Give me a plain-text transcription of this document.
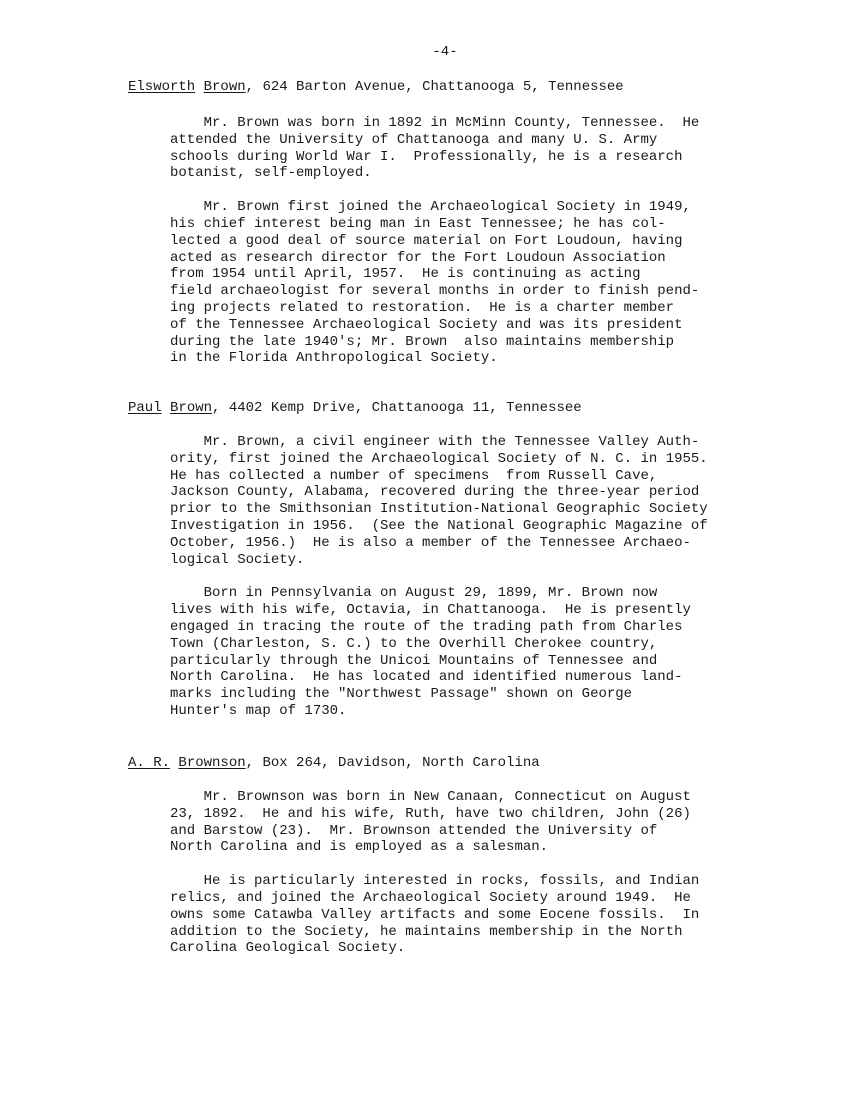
-4-
Elsworth Brown, 624 Barton Avenue, Chattanooga 5, Tennessee
Mr. Brown was born in 1892 in McMinn County, Tennessee.  He
attended the University of Chattanooga and many U. S. Army
schools during World War I.  Professionally, he is a research
botanist, self-employed.
Mr. Brown first joined the Archaeological Society in 1949,
his chief interest being man in East Tennessee; he has col-
lected a good deal of source material on Fort Loudoun, having
acted as research director for the Fort Loudoun Association
from 1954 until April, 1957.  He is continuing as acting
field archaeologist for several months in order to finish pend-
ing projects related to restoration.  He is a charter member
of the Tennessee Archaeological Society and was its president
during the late 1940's; Mr. Brown  also maintains membership
in the Florida Anthropological Society.
Paul Brown, 4402 Kemp Drive, Chattanooga 11, Tennessee
Mr. Brown, a civil engineer with the Tennessee Valley Auth-
ority, first joined the Archaeological Society of N. C. in 1955.
He has collected a number of specimens  from Russell Cave,
Jackson County, Alabama, recovered during the three-year period
prior to the Smithsonian Institution-National Geographic Society
Investigation in 1956.  (See the National Geographic Magazine of
October, 1956.)  He is also a member of the Tennessee Archaeo-
logical Society.
Born in Pennsylvania on August 29, 1899, Mr. Brown now
lives with his wife, Octavia, in Chattanooga.  He is presently
engaged in tracing the route of the trading path from Charles
Town (Charleston, S. C.) to the Overhill Cherokee country,
particularly through the Unicoi Mountains of Tennessee and
North Carolina.  He has located and identified numerous land-
marks including the "Northwest Passage" shown on George
Hunter's map of 1730.
A. R. Brownson, Box 264, Davidson, North Carolina
Mr. Brownson was born in New Canaan, Connecticut on August
23, 1892.  He and his wife, Ruth, have two children, John (26)
and Barstow (23).  Mr. Brownson attended the University of
North Carolina and is employed as a salesman.
He is particularly interested in rocks, fossils, and Indian
relics, and joined the Archaeological Society around 1949.  He
owns some Catawba Valley artifacts and some Eocene fossils.  In
addition to the Society, he maintains membership in the North
Carolina Geological Society.
